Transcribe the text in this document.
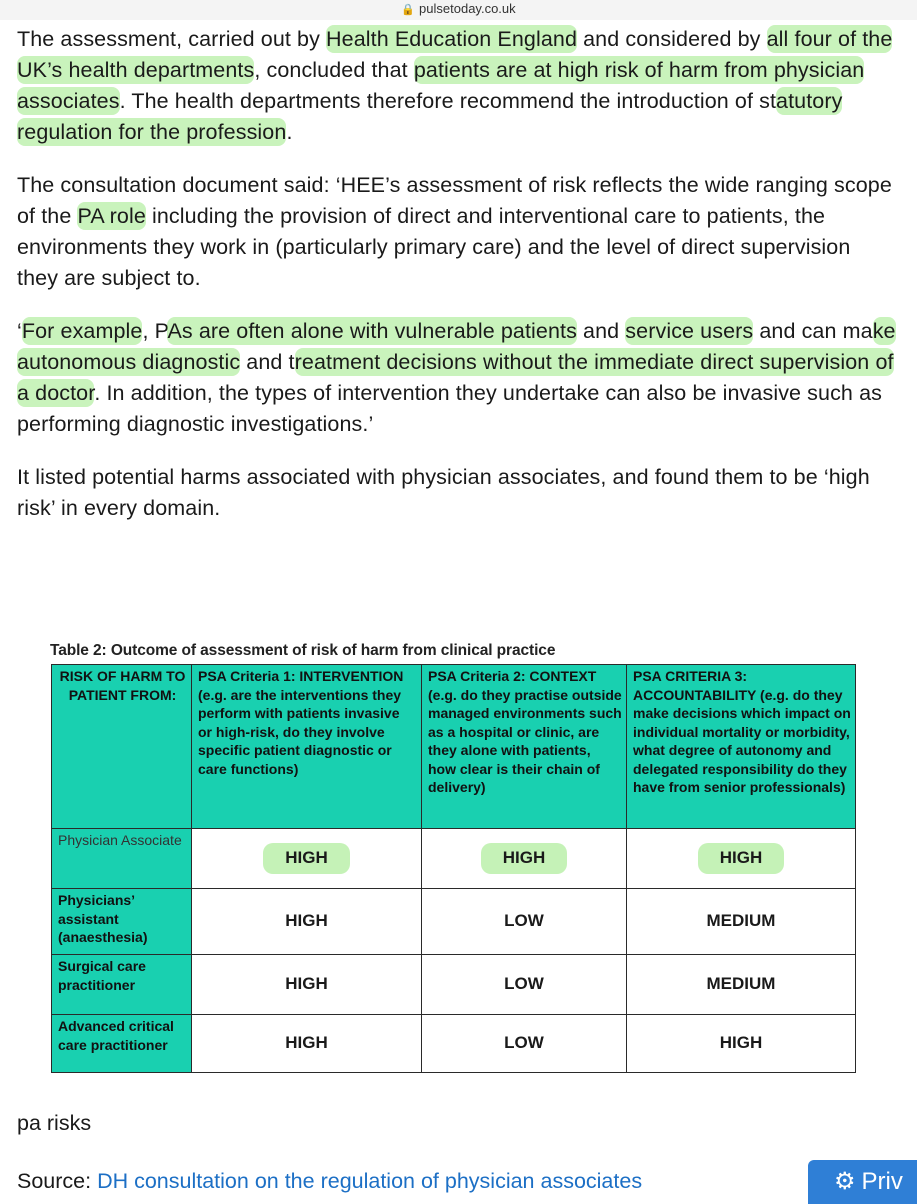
🔒 pulsetoday.co.uk

The assessment, carried out by Health Education England and considered by all four of the UK’s health departments, concluded that patients are at high risk of harm from physician associates. The health departments therefore recommend the introduction of statutory regulation for the profession.

The consultation document said: ‘HEE’s assessment of risk reflects the wide ranging scope of the PA role including the provision of direct and interventional care to patients, the environments they work in (particularly primary care) and the level of direct supervision they are subject to.

‘For example, PAs are often alone with vulnerable patients and service users and can make autonomous diagnostic and treatment decisions without the immediate direct supervision of a doctor. In addition, the types of intervention they undertake can also be invasive such as performing diagnostic investigations.’

It listed potential harms associated with physician associates, and found them to be ‘high risk’ in every domain.

Table 2: Outcome of assessment of risk of harm from clinical practice
RISK OF HARM TO PATIENT FROM:	PSA Criteria 1: INTERVENTION (e.g. are the interventions they perform with patients invasive or high-risk, do they involve specific patient diagnostic or care functions)	PSA Criteria 2: CONTEXT (e.g. do they practise outside managed environments such as a hospital or clinic, are they alone with patients, how clear is their chain of delivery)	PSA CRITERIA 3: ACCOUNTABILITY (e.g. do they make decisions which impact on individual mortality or morbidity, what degree of autonomy and delegated responsibility do they have from senior professionals)
Physician Associate	HIGH	HIGH	HIGH
Physicians’ assistant (anaesthesia)	HIGH	LOW	MEDIUM
Surgical care practitioner	HIGH	LOW	MEDIUM
Advanced critical care practitioner	HIGH	LOW	HIGH
pa risks
Source: DH consultation on the regulation of physician associates	⚙ Priv
